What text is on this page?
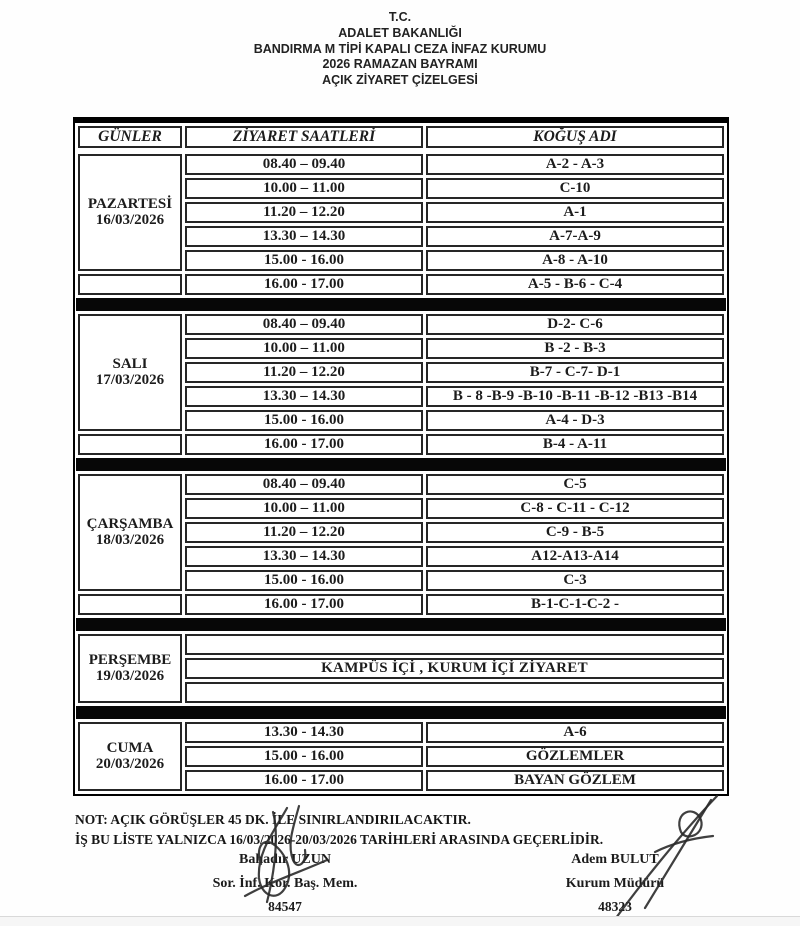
T.C.
ADALET BAKANLIĞI
BANDIRMA M TİPİ KAPALI CEZA İNFAZ KURUMU
2026 RAMAZAN BAYRAMI
AÇIK ZİYARET ÇİZELGESİ
GÜNLER	ZİYARET SAATLERİ	KOĞUŞ ADI
PAZARTESİ
16/03/2026	08.40 – 09.40	A-2 - A-3
	10.00 – 11.00	C-10
	11.20 – 12.20	A-1
	13.30 – 14.30	A-7-A-9
	15.00 - 16.00	A-8 - A-10
	16.00 - 17.00	A-5 - B-6 - C-4
SALI
17/03/2026	08.40 – 09.40	D-2- C-6
	10.00 – 11.00	B -2 - B-3
	11.20 – 12.20	B-7 - C-7- D-1
	13.30 – 14.30	B - 8 -B-9 -B-10 -B-11 -B-12 -B13 -B14
	15.00 - 16.00	A-4 - D-3
	16.00 - 17.00	B-4 - A-11
ÇARŞAMBA
18/03/2026	08.40 – 09.40	C-5
	10.00 – 11.00	C-8 - C-11 - C-12
	11.20 – 12.20	C-9 - B-5
	13.30 – 14.30	A12-A13-A14
	15.00 - 16.00	C-3
	16.00 - 17.00	B-1-C-1-C-2 -
PERŞEMBE
19/03/2026

KAMPÜS İÇİ , KURUM İÇİ ZİYARET

CUMA
20/03/2026	13.30 - 14.30	A-6
	15.00 - 16.00	GÖZLEMLER
	16.00 - 17.00	BAYAN GÖZLEM
NOT: AÇIK GÖRÜŞLER 45 DK. İLE SINIRLANDIRILACAKTIR.
İŞ BU LİSTE YALNIZCA 16/03/2026-20/03/2026 TARİHLERİ ARASINDA GEÇERLİDİR.
Bahadır UZUN
Sor. İnf. Kor. Baş. Mem.
84547
Adem BULUT
Kurum Müdürü
48323
